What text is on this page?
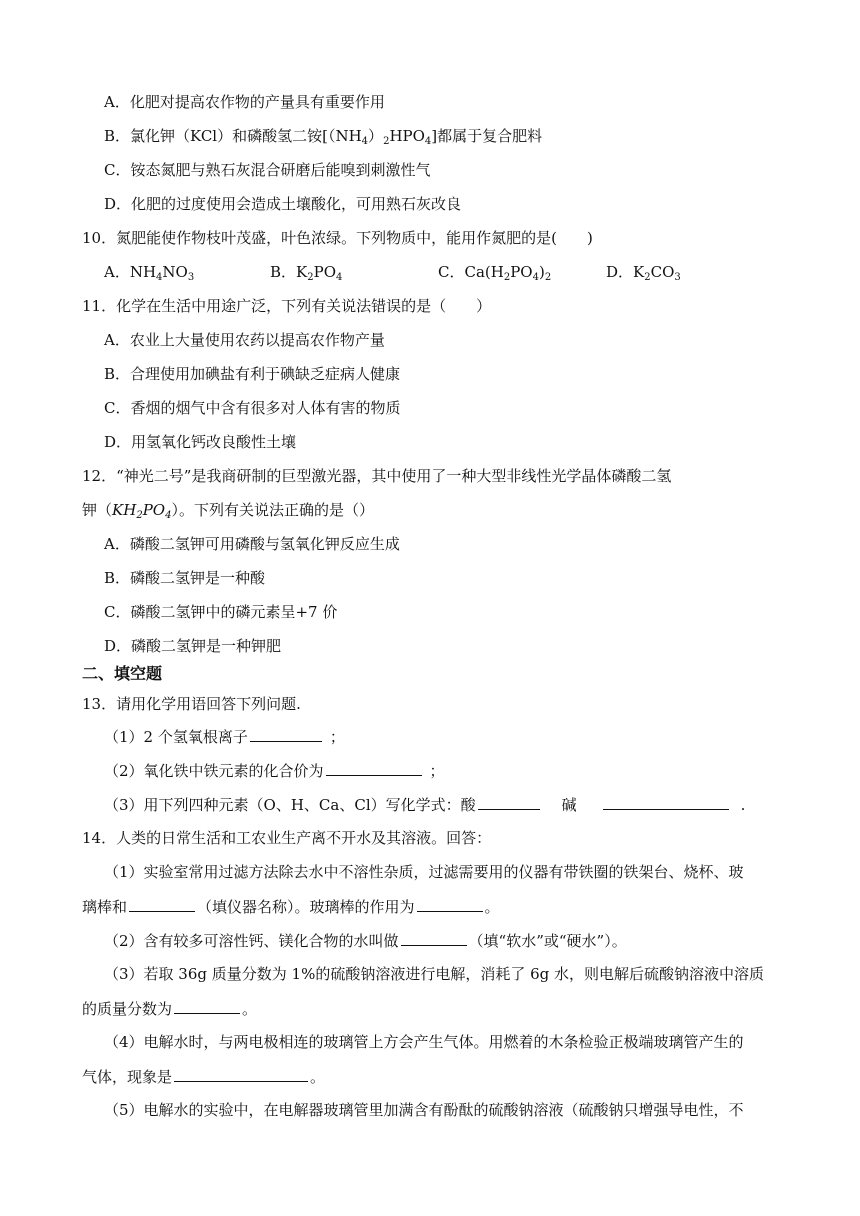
A．化肥对提高农作物的产量具有重要作用
B．氯化钾（KCl）和磷酸氢二铵$[(NH_4)_2HPO_4]$都属于复合肥料
C．铵态氮肥与熟石灰混合研磨后能嗅到刺激性气
D．化肥的过度使用会造成土壤酸化，可用熟石灰改良
10．氮肥能使作物枝叶茂盛，叶色浓绿。下列物质中，能用作氮肥的是(　　)
A．$NH_4NO_3$	B．$K_2PO_4$	C．$Ca(H_2PO_4)_2$	D．$K_2CO_3$
11．化学在生活中用途广泛，下列有关说法错误的是（　　）
A．农业上大量使用农药以提高农作物产量
B．合理使用加碘盐有利于碘缺乏症病人健康
C．香烟的烟气中含有很多对人体有害的物质
D．用氢氧化钙改良酸性土壤
12．“神光二号”是我商研制的巨型激光器，其中使用了一种大型非线性光学晶体磷酸二氢
钾$(KH_2PO_4)$。下列有关说法正确的是（）
A．磷酸二氢钾可用磷酸与氢氧化钾反应生成
B．磷酸二氢钾是一种酸
C．磷酸二氢钾中的磷元素呈+7 价
D．磷酸二氢钾是一种钾肥
二、填空题
13．请用化学用语回答下列问题.
（1）2 个氢氧根离子	；
（2）氧化铁中铁元素的化合价为	；
（3）用下列四种元素（O、H、Ca、Cl）写化学式：酸	碱	.
14．人类的日常生活和工农业生产离不开水及其溶液。回答：
（1）实验室常用过滤方法除去水中不溶性杂质，过滤需要用的仪器有带铁圈的铁架台、烧杯、玻
璃棒和	（填仪器名称）。玻璃棒的作用为	。
（2）含有较多可溶性钙、镁化合物的水叫做	（填“软水”或“硬水”）。
（3）若取 36g 质量分数为 1%的硫酸钠溶液进行电解，消耗了 6g 水，则电解后硫酸钠溶液中溶质
的质量分数为	。
（4）电解水时，与两电极相连的玻璃管上方会产生气体。用燃着的木条检验正极端玻璃管产生的
气体，现象是	。
（5）电解水的实验中，在电解器玻璃管里加满含有酚酞的硫酸钠溶液（硫酸钠只增强导电性，不
